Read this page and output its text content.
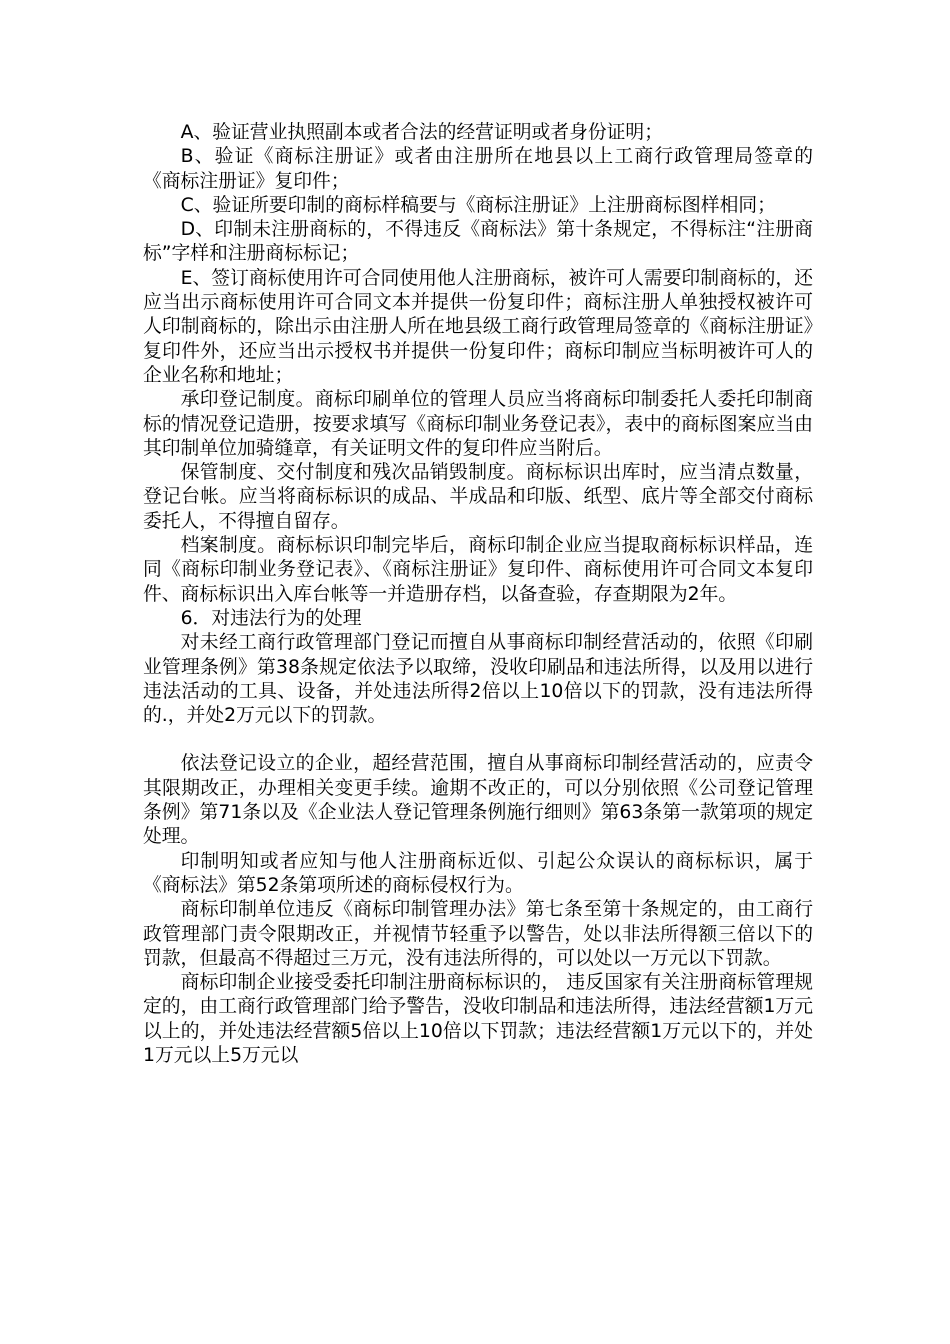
A、验证营业执照副本或者合法的经营证明或者身份证明；

B、验证《商标注册证》或者由注册所在地县以上工商行政管理局签章的《商标注册证》复印件；

C、验证所要印制的商标样稿要与《商标注册证》上注册商标图样相同；

D、印制未注册商标的，不得违反《商标法》第十条规定，不得标注“注册商标”字样和注册商标标记；

E、签订商标使用许可合同使用他人注册商标，被许可人需要印制商标的，还应当出示商标使用许可合同文本并提供一份复印件；商标注册人单独授权被许可人印制商标的，除出示由注册人所在地县级工商行政管理局签章的《商标注册证》复印件外，还应当出示授权书并提供一份复印件；商标印制应当标明被许可人的企业名称和地址；

承印登记制度。商标印刷单位的管理人员应当将商标印制委托人委托印制商标的情况登记造册，按要求填写《商标印制业务登记表》，表中的商标图案应当由其印制单位加骑缝章，有关证明文件的复印件应当附后。

保管制度、交付制度和残次品销毁制度。商标标识出库时，应当清点数量，登记台帐。应当将商标标识的成品、半成品和印版、纸型、底片等全部交付商标委托人，不得擅自留存。

档案制度。商标标识印制完毕后，商标印制企业应当提取商标标识样品，连同《商标印制业务登记表》、《商标注册证》复印件、商标使用许可合同文本复印件、商标标识出入库台帐等一并造册存档，以备查验，存查期限为2年。

6．对违法行为的处理

对未经工商行政管理部门登记而擅自从事商标印制经营活动的，依照《印刷业管理条例》第38条规定依法予以取缔，没收印刷品和违法所得，以及用以进行违法活动的工具、设备，并处违法所得2倍以上10倍以下的罚款，没有违法所得的.，并处2万元以下的罚款。

依法登记设立的企业，超经营范围，擅自从事商标印制经营活动的，应责令其限期改正，办理相关变更手续。逾期不改正的，可以分别依照《公司登记管理条例》第71条以及《企业法人登记管理条例施行细则》第63条第一款第项的规定处理。

印制明知或者应知与他人注册商标近似、引起公众误认的商标标识，属于《商标法》第52条第项所述的商标侵权行为。

商标印制单位违反《商标印制管理办法》第七条至第十条规定的，由工商行政管理部门责令限期改正，并视情节轻重予以警告，处以非法所得额三倍以下的罚款，但最高不得超过三万元，没有违法所得的，可以处以一万元以下罚款。

商标印制企业接受委托印制注册商标标识的， 违反国家有关注册商标管理规定的，由工商行政管理部门给予警告，没收印制品和违法所得，违法经营额1万元以上的，并处违法经营额5倍以上10倍以下罚款；违法经营额1万元以下的，并处1万元以上5万元以
